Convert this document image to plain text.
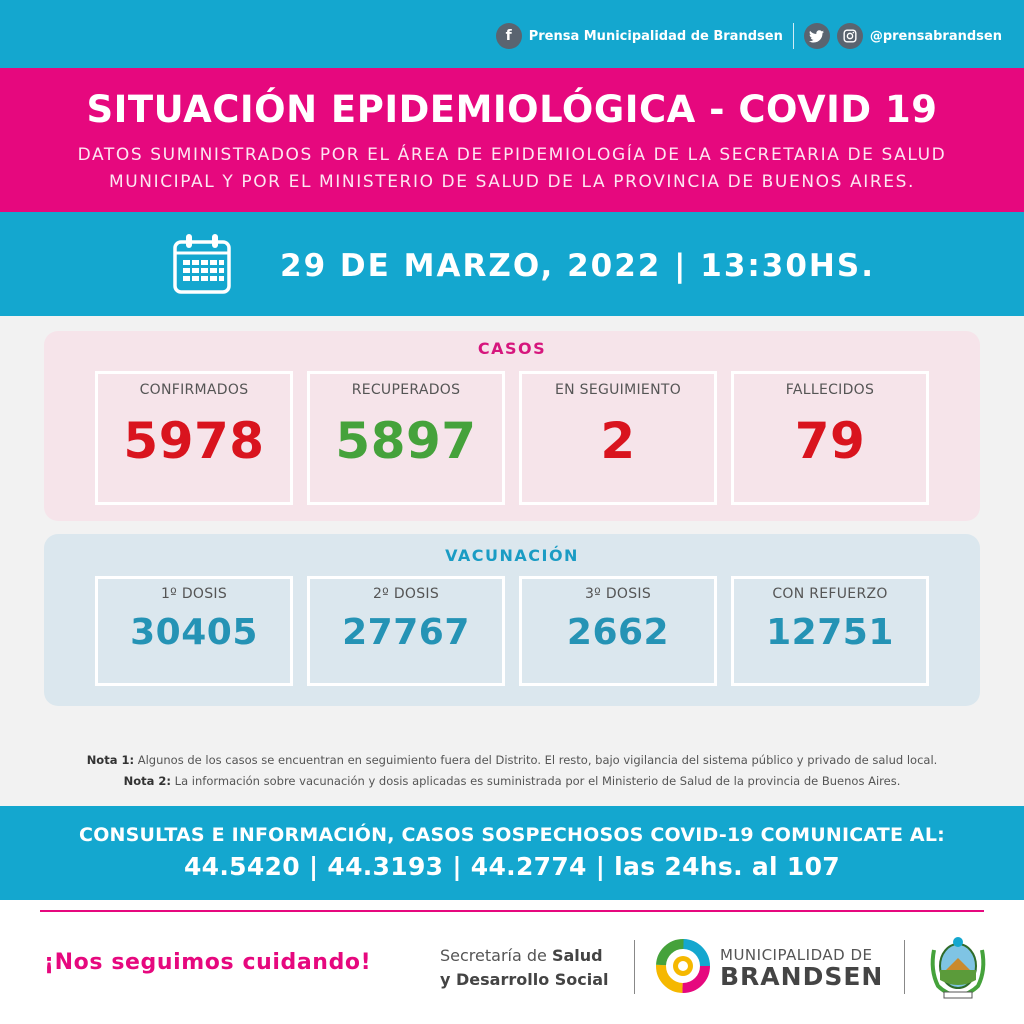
f	Prensa Municipalidad de Brandsen	@prensabrandsen
SITUACIÓN EPIDEMIOLÓGICA - COVID 19

DATOS SUMINISTRADOS POR EL ÁREA DE EPIDEMIOLOGÍA DE LA SECRETARIA DE SALUD
MUNICIPAL Y POR EL MINISTERIO DE SALUD DE LA PROVINCIA DE BUENOS AIRES.

29 DE MARZO, 2022 | 13:30HS.
CASOS
CONFIRMADOS
5978
RECUPERADOS
5897
EN SEGUIMIENTO
2
FALLECIDOS
79
VACUNACIÓN
1º DOSIS
30405
2º DOSIS
27767
3º DOSIS
2662
CON REFUERZO
12751
Nota 1: Algunos de los casos se encuentran en seguimiento fuera del Distrito. El resto, bajo vigilancia del sistema público y privado de salud local.
Nota 2: La información sobre vacunación y dosis aplicadas es suministrada por el Ministerio de Salud de la provincia de Buenos Aires.
CONSULTAS E INFORMACIÓN, CASOS SOSPECHOSOS COVID-19 COMUNICATE AL:
44.5420 | 44.3193 | 44.2774 | las 24hs. al 107
¡Nos seguimos cuidando!	Secretaría de Salud
y Desarrollo Social
MUNICIPALIDAD DE
BRANDSEN
